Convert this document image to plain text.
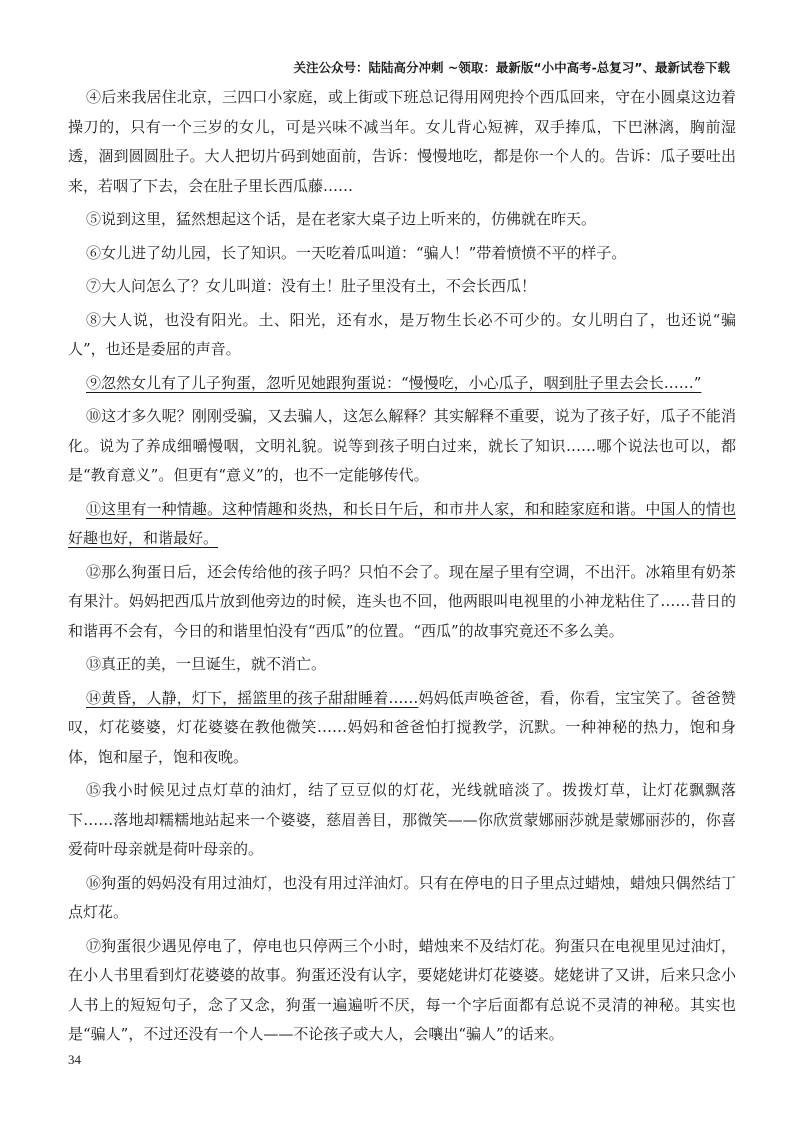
关注公众号：陆陆高分冲刺 ~领取：最新版“小中高考-总复习”、最新试卷下载

④后来我居住北京，三四口小家庭，或上街或下班总记得用网兜拎个西瓜回来，守在小圆桌这边着操刀的，只有一个三岁的女儿，可是兴味不减当年。女儿背心短裤，双手捧瓜，下巴淋漓，胸前湿透，涸到圆圆肚子。大人把切片码到她面前，告诉：慢慢地吃，都是你一个人的。告诉：瓜子要吐出来，若咽了下去，会在肚子里长西瓜藤……

⑤说到这里，猛然想起这个话，是在老家大桌子边上听来的，仿佛就在昨天。

⑥女儿进了幼儿园，长了知识。一天吃着瓜叫道：“骗人！”带着愤愤不平的样子。

⑦大人问怎么了？女儿叫道：没有土！肚子里没有土，不会长西瓜！

⑧大人说，也没有阳光。土、阳光，还有水，是万物生长必不可少的。女儿明白了，也还说“骗人”，也还是委屈的声音。

⑨忽然女儿有了儿子狗蛋，忽听见她跟狗蛋说：“慢慢吃，小心瓜子，咽到肚子里去会长……”

⑩这才多久呢？刚刚受骗，又去骗人，这怎么解释？其实解释不重要，说为了孩子好，瓜子不能消化。说为了养成细嚼慢咽，文明礼貌。说等到孩子明白过来，就长了知识……哪个说法也可以，都是“教育意义”。但更有“意义”的，也不一定能够传代。

⑪这里有一种情趣。这种情趣和炎热，和长日午后，和市井人家，和和睦家庭和谐。中国人的情也好趣也好，和谐最好。

⑫那么狗蛋日后，还会传给他的孩子吗？只怕不会了。现在屋子里有空调，不出汗。冰箱里有奶茶有果汁。妈妈把西瓜片放到他旁边的时候，连头也不回，他两眼叫电视里的小神龙粘住了……昔日的和谐再不会有，今日的和谐里怕没有“西瓜”的位置。“西瓜”的故事究竟还不多么美。

⑬真正的美，一旦诞生，就不消亡。

⑭黄昏，人静，灯下，摇篮里的孩子甜甜睡着……妈妈低声唤爸爸，看，你看，宝宝笑了。爸爸赞叹，灯花婆婆，灯花婆婆在教他微笑……妈妈和爸爸怕打搅教学，沉默。一种神秘的热力，饱和身体，饱和屋子，饱和夜晚。

⑮我小时候见过点灯草的油灯，结了豆豆似的灯花，光线就暗淡了。拨拨灯草，让灯花飘飘落下……落地却糯糯地站起来一个婆婆，慈眉善目，那微笑——你欣赏蒙娜丽莎就是蒙娜丽莎的，你喜爱荷叶母亲就是荷叶母亲的。

⑯狗蛋的妈妈没有用过油灯，也没有用过洋油灯。只有在停电的日子里点过蜡烛，蜡烛只偶然结丁点灯花。

⑰狗蛋很少遇见停电了，停电也只停两三个小时，蜡烛来不及结灯花。狗蛋只在电视里见过油灯，在小人书里看到灯花婆婆的故事。狗蛋还没有认字，要姥姥讲灯花婆婆。姥姥讲了又讲，后来只念小人书上的短短句子，念了又念，狗蛋一遍遍听不厌，每一个字后面都有总说不灵清的神秘。其实也是“骗人”，不过还没有一个人——不论孩子或大人，会嚷出“骗人”的话来。

34
